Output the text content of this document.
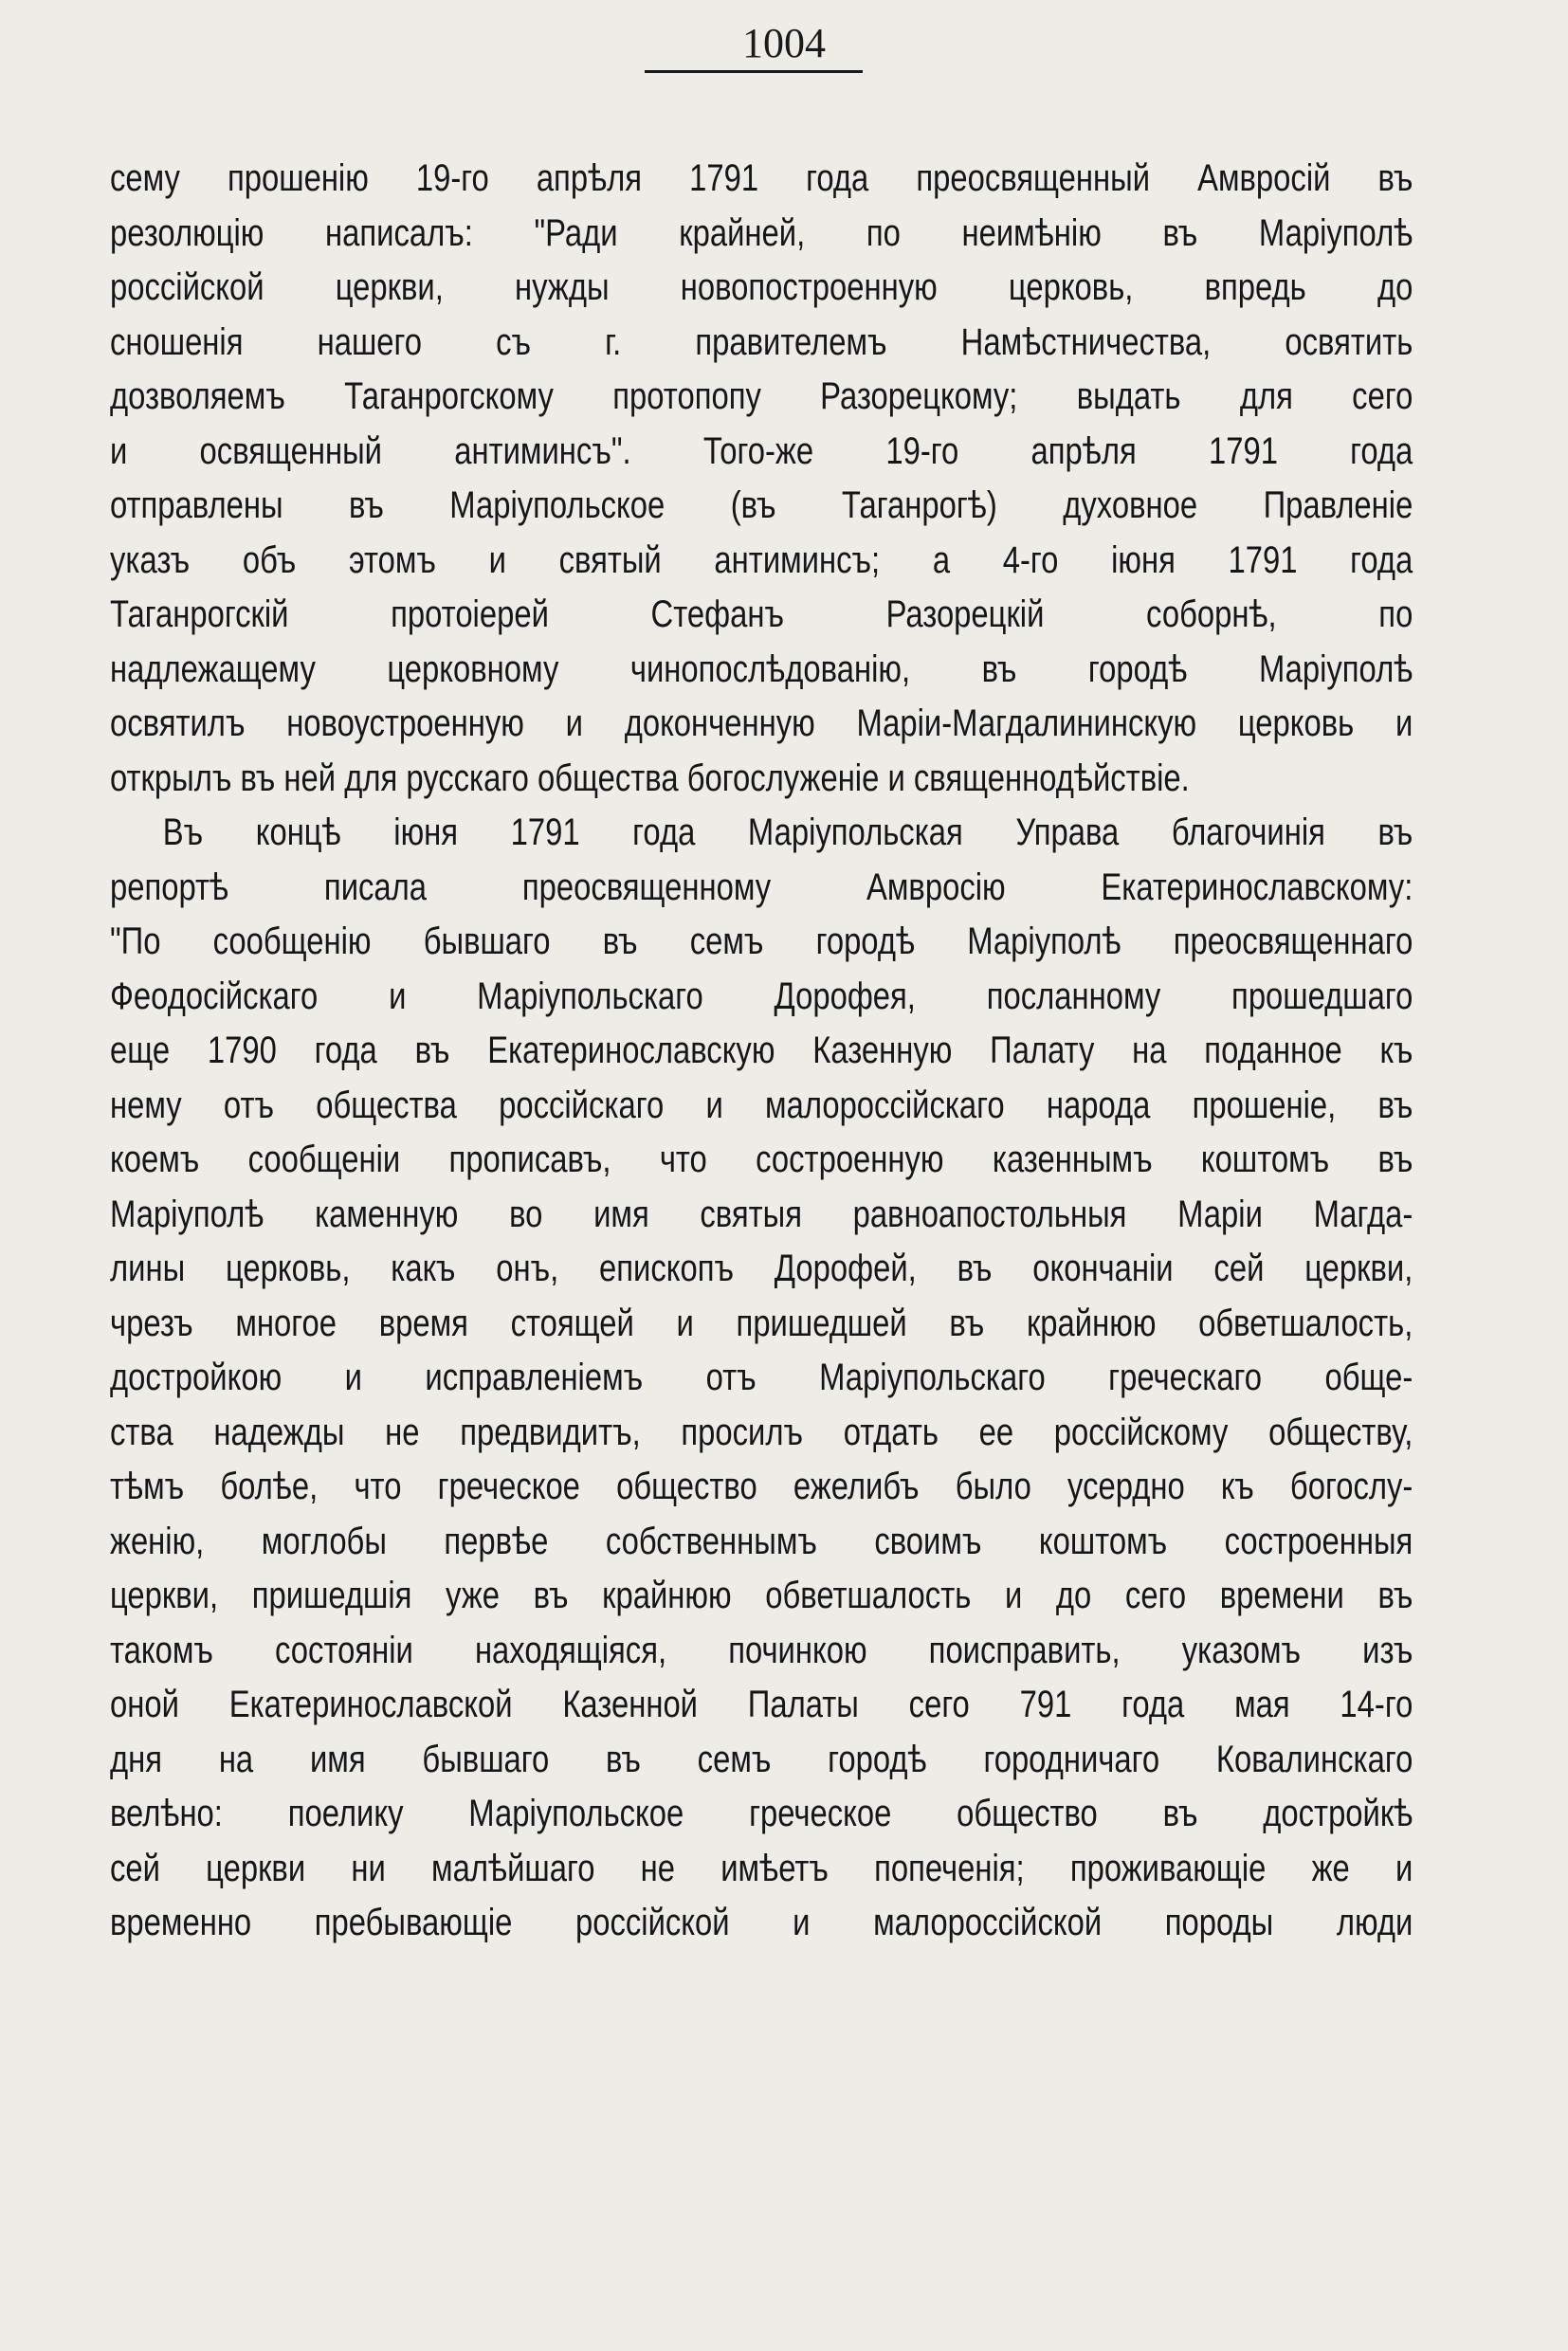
1004
сему прошенію 19-го апрѣля 1791 года преосвященный Амвросій въ
резолюцію написалъ: "Ради крайней, по неимѣнію въ Маріуполѣ
россійской церкви, нужды новопостроенную церковь, впредь до
сношенія нашего съ г. правителемъ Намѣстничества, освятить
дозволяемъ Таганрогскому протопопу Разорецкому; выдать для сего
и освященный антиминсъ". Того-же 19-го апрѣля 1791 года
отправлены въ Маріупольское (въ Таганрогѣ) духовное Правленіе
указъ объ этомъ и святый антиминсъ; а 4-го іюня 1791 года
Таганрогскій протоіерей Стефанъ Разорецкій соборнѣ, по
надлежащему церковному чинопослѣдованію, въ городѣ Маріуполѣ
освятилъ новоустроенную и доконченную Маріи-Магдалининскую церковь и
открылъ въ ней для русскаго общества богослуженіе и священнодѣйствіе.
Въ концѣ іюня 1791 года Маріупольская Управа благочинія въ
репортѣ писала преосвященному Амвросію Екатеринославскому:
"По сообщенію бывшаго въ семъ городѣ Маріуполѣ преосвященнаго
Феодосійскаго и Маріупольскаго Дорофея, посланному прошедшаго
еще 1790 года въ Екатеринославскую Казенную Палату на поданное къ
нему отъ общества россійскаго и малороссійскаго народа прошеніе, въ
коемъ сообщеніи прописавъ, что состроенную казеннымъ коштомъ въ
Маріуполѣ каменную во имя святыя равноапостольныя Маріи Магда-
лины церковь, какъ онъ, епископъ Дорофей, въ окончаніи сей церкви,
чрезъ многое время стоящей и пришедшей въ крайнюю обветшалость,
достройкою и исправленіемъ отъ Маріупольскаго греческаго обще-
ства надежды не предвидитъ, просилъ отдать ее россійскому обществу,
тѣмъ болѣе, что греческое общество ежелибъ было усердно къ богослу-
женію, моглобы первѣе собственнымъ своимъ коштомъ состроенныя
церкви, пришедшія уже въ крайнюю обветшалость и до сего времени въ
такомъ состояніи находящіяся, починкою поисправить, указомъ изъ
оной Екатеринославской Казенной Палаты сего 791 года мая 14-го
дня на имя бывшаго въ семъ городѣ городничаго Ковалинскаго
велѣно: поелику Маріупольское греческое общество въ достройкѣ
сей церкви ни малѣйшаго не имѣетъ попеченія; проживающіе же и
временно пребывающіе россійской и малороссійской породы люди
